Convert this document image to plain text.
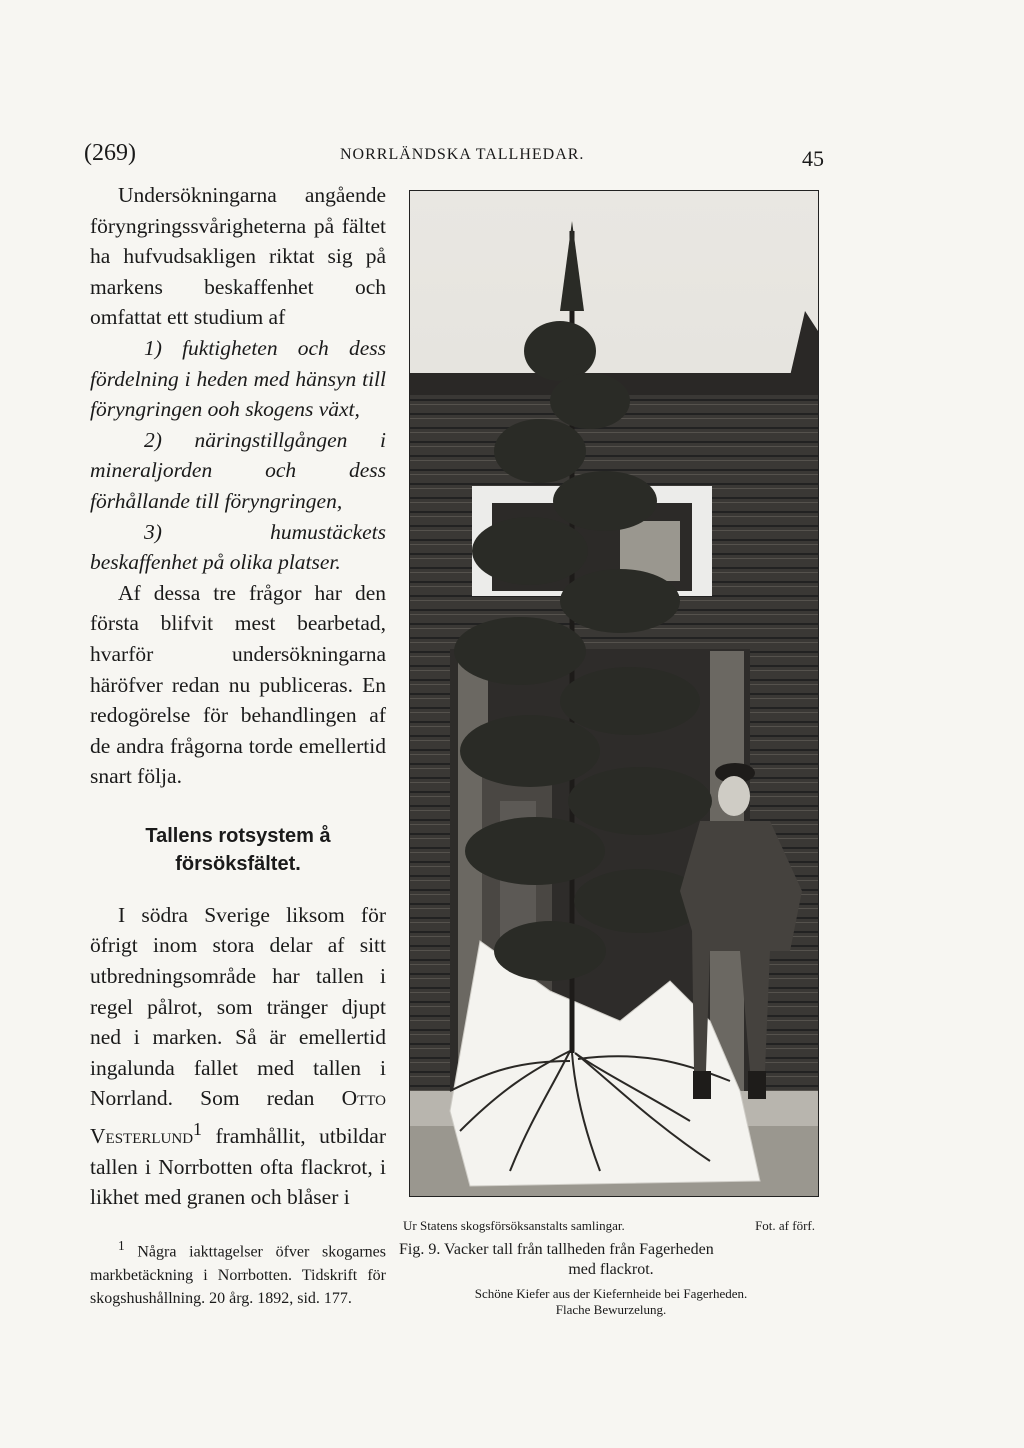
(269)	NORRLÄNDSKA TALLHEDAR.	45

Undersökningarna angående föryngringssvårigheterna på fältet ha hufvudsakligen riktat sig på markens beskaffenhet och omfattat ett studium af

1) fuktigheten och dess fördelning i heden med hänsyn till föryngringen ooh skogens växt,

2) näringstillgången i mineraljorden och dess förhållande till föryngringen,

3) humustäckets beskaffenhet på olika platser.

Af dessa tre frågor har den första blifvit mest bearbetad, hvarför undersökningarna häröfver redan nu publiceras. En redogörelse för behandlingen af de andra frågorna torde emellertid snart följa.

Tallens rotsystem å försöksfältet.

I södra Sverige liksom för öfrigt inom stora delar af sitt utbredningsområde har tallen i regel pålrot, som tränger djupt ned i marken. Så är emellertid ingalunda fallet med tallen i Norrland. Som redan Otto Vesterlund$^1$ framhållit, utbildar tallen i Norrbotten ofta flackrot, i likhet med granen och blåser i

$^1$ Några iakttagelser öfver skogarnes markbetäckning i Norrbotten. Tidskrift för skogshushållning. 20 årg. 1892, sid. 177.

Ur Statens skogsförsöksanstalts samlingar.	Fot. af förf.
Fig. 9. Vacker tall från tallheden från Fagerheden
med flackrot.
Schöne Kiefer aus der Kiefernheide bei Fagerheden.
Flache Bewurzelung.
